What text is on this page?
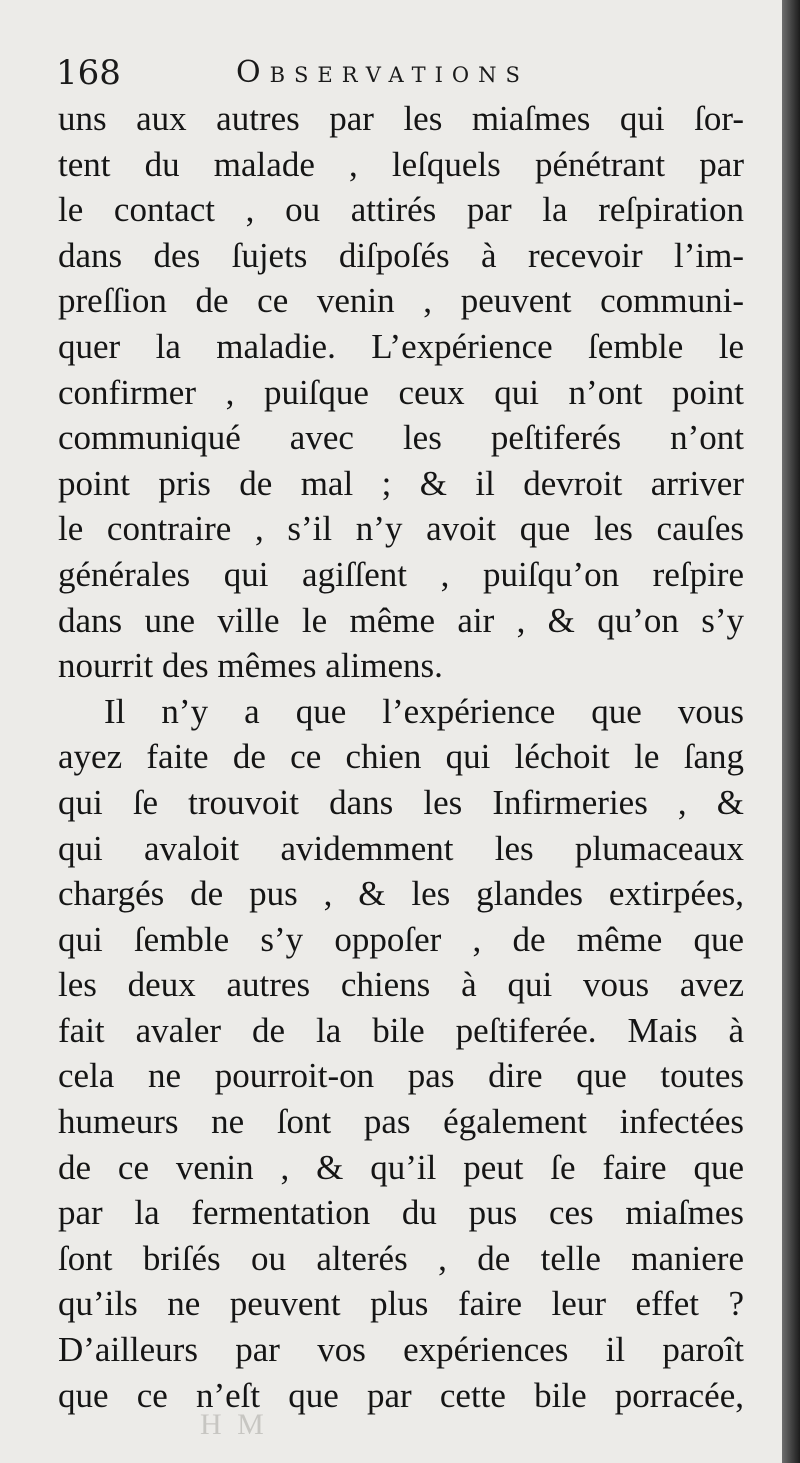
168	Observations
uns aux autres par les miaſmes qui ſor-
tent du malade , leſquels pénétrant par
le contact , ou attirés par la reſpiration
dans des ſujets diſpoſés à recevoir l’im-
preſſion de ce venin , peuvent communi-
quer la maladie. L’expérience ſemble le
confirmer , puiſque ceux qui n’ont point
communiqué avec les peſtiferés n’ont
point pris de mal ; & il devroit arriver
le contraire , s’il n’y avoit que les cauſes
générales qui agiſſent , puiſqu’on reſpire
dans une ville le même air , & qu’on s’y
nourrit des mêmes alimens.
Il n’y a que l’expérience que vous
ayez faite de ce chien qui léchoit le ſang
qui ſe trouvoit dans les Infirmeries , &
qui avaloit avidemment les plumaceaux
chargés de pus , & les glandes extirpées,
qui ſemble s’y oppoſer , de même que
les deux autres chiens à qui vous avez
fait avaler de la bile peſtiferée. Mais à
cela ne pourroit-on pas dire que toutes
humeurs ne ſont pas également infectées
de ce venin , & qu’il peut ſe faire que
par la fermentation du pus ces miaſmes
ſont briſés ou alterés , de telle maniere
qu’ils ne peuvent plus faire leur effet ?
D’ailleurs par vos expériences il paroît
que ce n’eſt que par cette bile porracée,
H M
